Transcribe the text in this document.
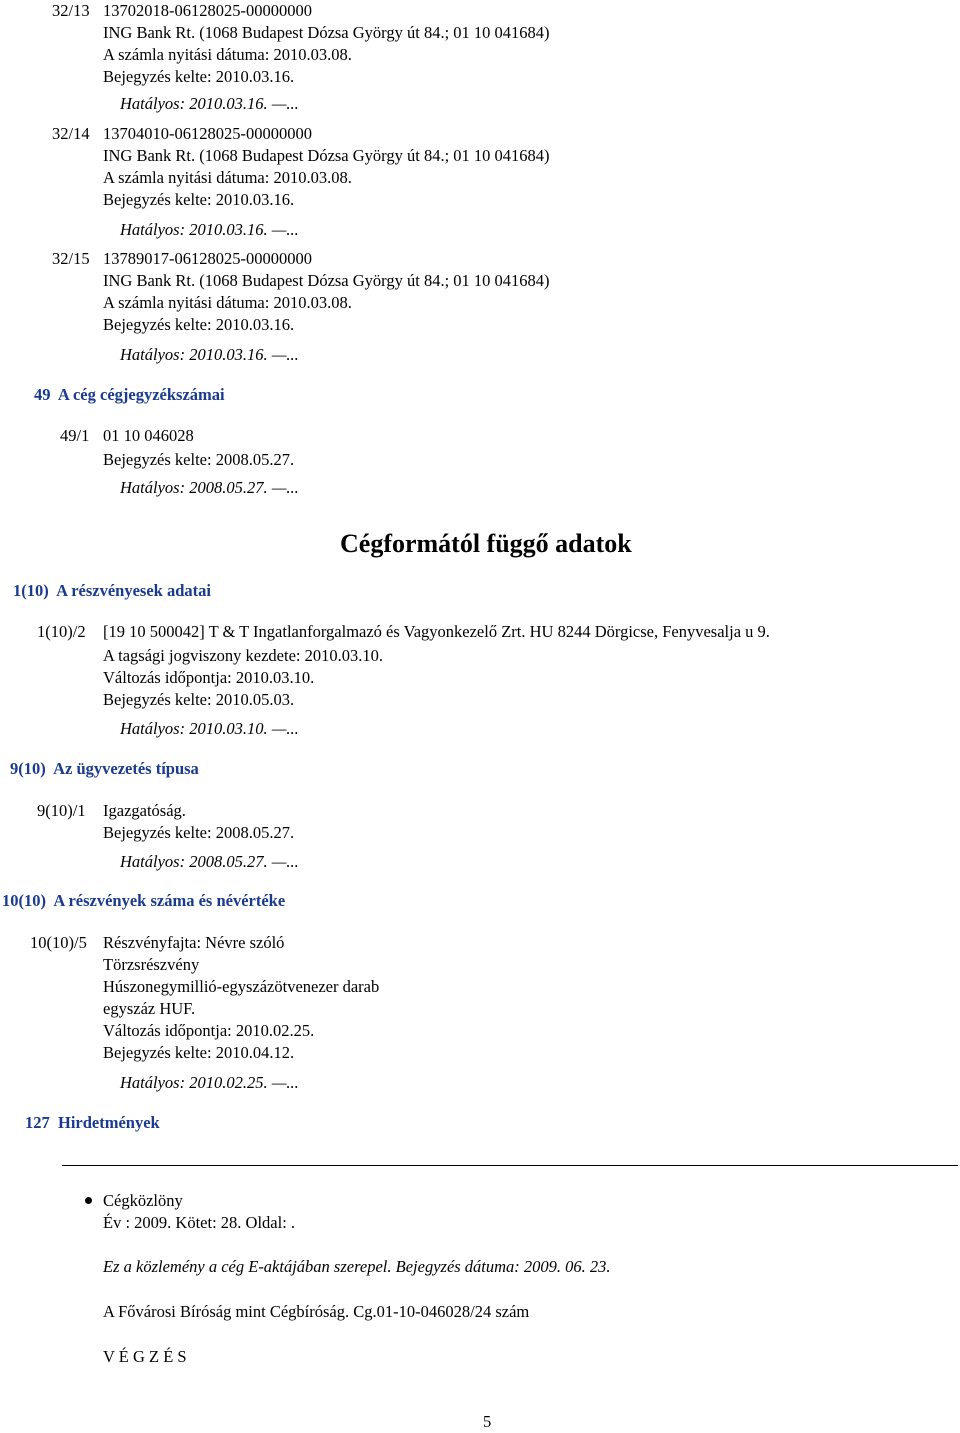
32/13 13702018-06128025-00000000
ING Bank Rt. (1068 Budapest Dózsa György út 84.; 01 10 041684)
A számla nyitási dátuma: 2010.03.08.
Bejegyzés kelte: 2010.03.16.
Hatályos: 2010.03.16. —...
32/14 13704010-06128025-00000000
ING Bank Rt. (1068 Budapest Dózsa György út 84.; 01 10 041684)
A számla nyitási dátuma: 2010.03.08.
Bejegyzés kelte: 2010.03.16.
Hatályos: 2010.03.16. —...
32/15 13789017-06128025-00000000
ING Bank Rt. (1068 Budapest Dózsa György út 84.; 01 10 041684)
A számla nyitási dátuma: 2010.03.08.
Bejegyzés kelte: 2010.03.16.
Hatályos: 2010.03.16. —...
49  A cég cégjegyzékszámai
49/1 01 10 046028
Bejegyzés kelte: 2008.05.27.
Hatályos: 2008.05.27. —...
Cégformától függő adatok
1(10)  A részvényesek adatai
1(10)/2 [19 10 500042] T & T Ingatlanforgalmazó és Vagyonkezelő Zrt. HU 8244 Dörgicse, Fenyvesalja u 9.
A tagsági jogviszony kezdete: 2010.03.10.
Változás időpontja: 2010.03.10.
Bejegyzés kelte: 2010.05.03.
Hatályos: 2010.03.10. —...
9(10)  Az ügyvezetés típusa
9(10)/1 Igazgatóság.
Bejegyzés kelte: 2008.05.27.
Hatályos: 2008.05.27. —...
10(10)  A részvények száma és névértéke
10(10)/5 Részvényfajta: Névre szóló
Törzsrészvény
Húszonegymillió-egyszázötvenezer darab
egyszáz HUF.
Változás időpontja: 2010.02.25.
Bejegyzés kelte: 2010.04.12.
Hatályos: 2010.02.25. —...
127  Hirdetmények
Cégközlöny
Év : 2009. Kötet: 28. Oldal: .
Ez a közlemény a cég E-aktájában szerepel. Bejegyzés dátuma: 2009. 06. 23.
A Fővárosi Bíróság mint Cégbíróság. Cg.01-10-046028/24 szám
V É G Z É S
5
